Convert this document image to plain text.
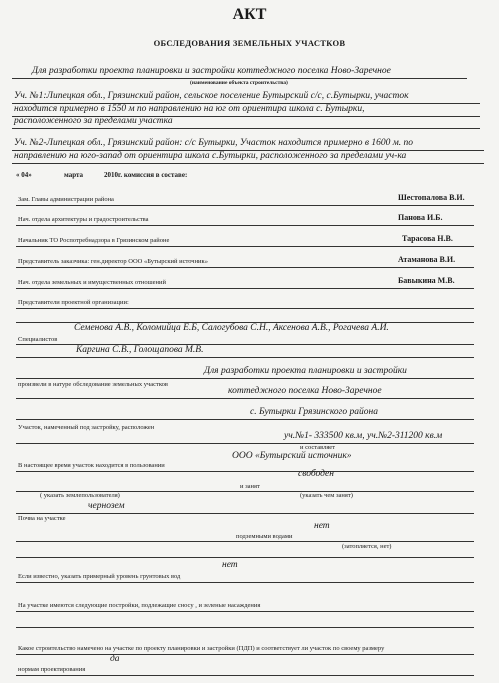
АКТ
ОБСЛЕДОВАНИЯ ЗЕМЕЛЬНЫХ УЧАСТКОВ
Для разработки проекта планировки и застройки коттеджного поселка Ново-Заречное
(наименование объекта строительства)
Уч. №1:Липецкая обл., Грязинский район, сельское поселение Бутырский с/с, с.Бутырки, участок
находится примерно в 1550 м по направлению на юг от ориентира школа с. Бутырки,
расположенного за пределами участка
Уч. №2-Липецкая обл., Грязинский район: с/с Бутырки, Участок находится примерно в 1600 м. по
направлению на юго-запад от ориентира школа с.Бутырки, расположенного за пределами уч-ка
« 04»	марта	2010г. комиссия в составе:
Зам. Главы администрации района	Шестопалова В.И.
Нач. отдела архитектуры и градостроительства	Панова И.Б.
Начальник ТО Роспотребнадзора в Грязинском районе	Тарасова Н.В.
Представитель заказчика: ген.директор ООО «Бутырский источник»	Атаманова В.И.
Нач. отдела земельных и имущественных отношений	Бавыкина М.В.
Представители проектной организации:
Семенова А.В., Коломийца Е.Б, Салогубова С.Н., Аксенова А.В., Рогачева А.И.
Специалистов
Каргина С.В., Голощапова М.В.
Для разработки проекта планировки и застройки
произвели в натуре обследование земельных участков
коттеджного поселка Ново-Заречное
с. Бутырки Грязинского района
Участок, намеченный под застройку, расположен
уч.№1- 333500 кв.м, уч.№2-311200 кв.м
и составляет
В настоящее время участок находится в пользовании
ООО «Бутырский источник»
свободен
и занят
( указать землепользователя)	(указать чем занят)
чернозем
Почва на участке
нет
подземными водами
(затопляется, нет)
нет
Если известно, указать примерный уровень грунтовых вод
На участке имеются следующие постройки, подлежащие сносу , и зеленые насаждения
Какое строительство намечено на участке по проекту планировки и застройки (ПДП) и соответствует ли участок по своему размеру
да
нормам проектирования
